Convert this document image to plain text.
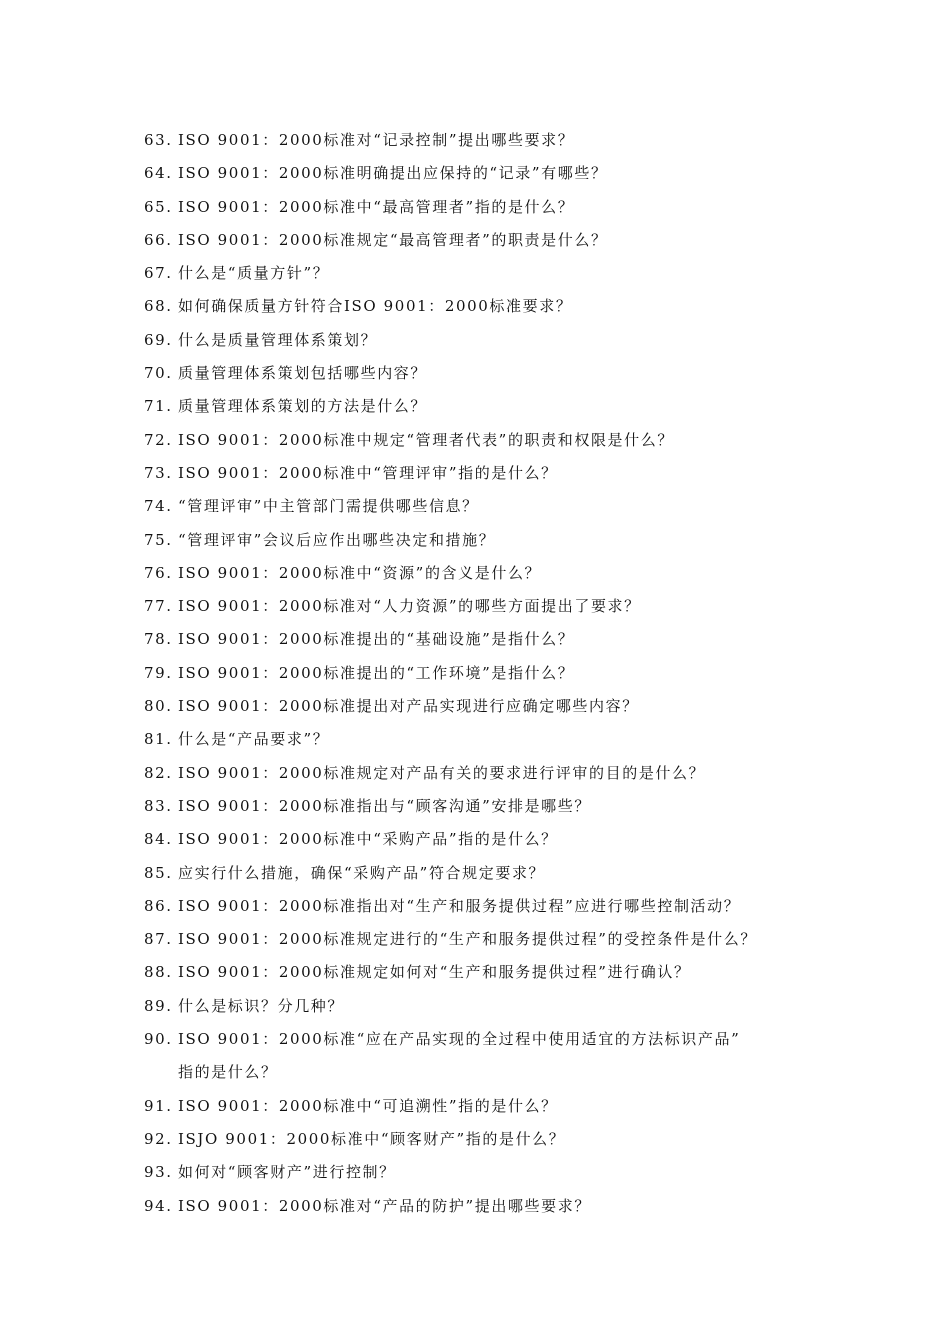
63. ISO 9001：2000标准对“记录控制”提出哪些要求？
64. ISO 9001：2000标准明确提出应保持的“记录”有哪些？
65. ISO 9001：2000标准中“最高管理者”指的是什么？
66. ISO 9001：2000标准规定“最高管理者”的职责是什么？
67. 什么是“质量方针”？
68. 如何确保质量方针符合ISO 9001：2000标准要求？
69. 什么是质量管理体系策划？
70. 质量管理体系策划包括哪些内容？
71. 质量管理体系策划的方法是什么？
72. ISO 9001：2000标准中规定“管理者代表”的职责和权限是什么？
73. ISO 9001：2000标准中“管理评审”指的是什么？
74. “管理评审”中主管部门需提供哪些信息？
75. “管理评审”会议后应作出哪些决定和措施？
76. ISO 9001：2000标准中“资源”的含义是什么？
77. ISO 9001：2000标准对“人力资源”的哪些方面提出了要求？
78. ISO 9001：2000标准提出的“基础设施”是指什么？
79. ISO 9001：2000标准提出的“工作环境”是指什么？
80. ISO 9001：2000标准提出对产品实现进行应确定哪些内容？
81. 什么是“产品要求”？
82. ISO 9001：2000标准规定对产品有关的要求进行评审的目的是什么？
83. ISO 9001：2000标准指出与“顾客沟通”安排是哪些？
84. ISO 9001：2000标准中“采购产品”指的是什么？
85. 应实行什么措施，确保“采购产品”符合规定要求？
86. ISO 9001：2000标准指出对“生产和服务提供过程”应进行哪些控制活动？
87. ISO 9001：2000标准规定进行的“生产和服务提供过程”的受控条件是什么？
88. ISO 9001：2000标准规定如何对“生产和服务提供过程”进行确认？
89. 什么是标识？分几种？
90. ISO 9001：2000标准“应在产品实现的全过程中使用适宜的方法标识产品”
指的是什么？
91. ISO 9001：2000标准中“可追溯性”指的是什么？
92. ISJO 9001：2000标准中“顾客财产”指的是什么？
93. 如何对“顾客财产”进行控制？
94. ISO 9001：2000标准对“产品的防护”提出哪些要求？
